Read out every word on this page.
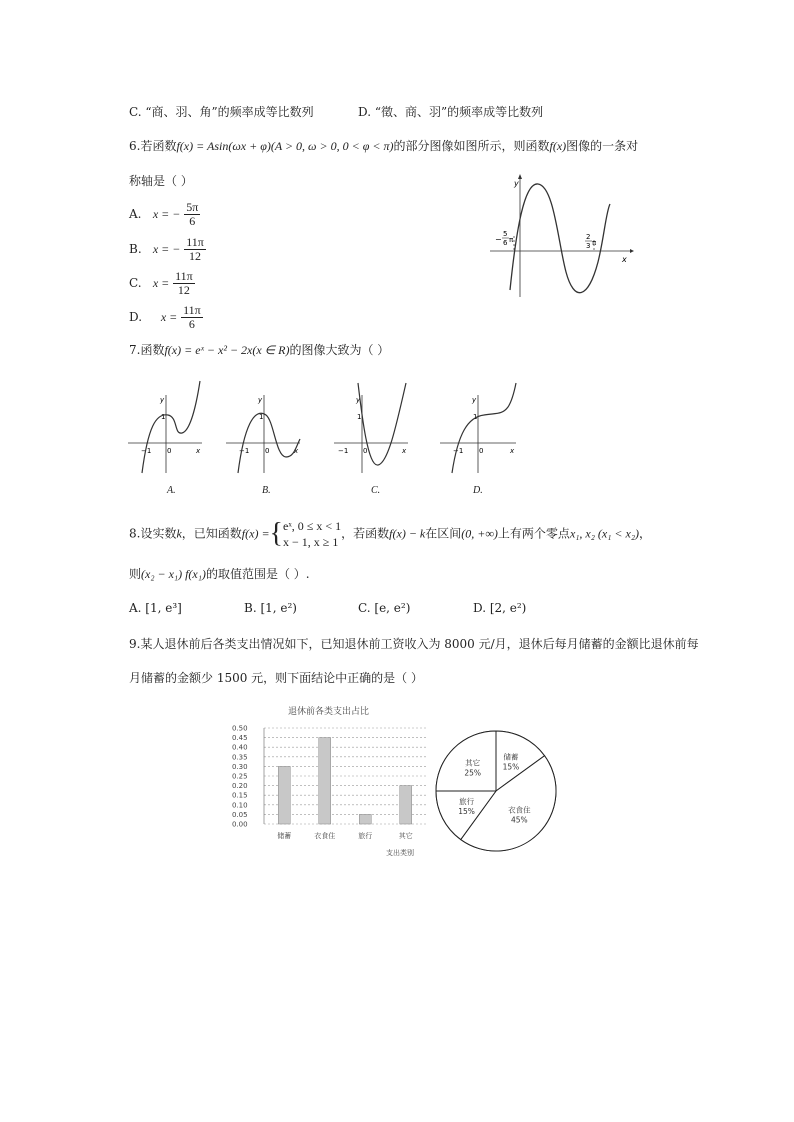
C. “商、羽、角”的频率成等比数列	D. “徵、商、羽”的频率成等比数列
6.若函数f(x) = Asin(ωx + φ)(A > 0, ω > 0, 0 < φ < π)的部分图像如图所示，则函数f(x)图像的一条对
称轴是（ ）
A. x = − $\frac{5\pi}{6}$
B. x = − $\frac{11\pi}{12}$
C. $x = \frac{11\pi}{12}$
D. $x = \frac{11\pi}{6}$
y
x
−
5
6 π	2
3 π
7.函数f(x) = eˣ − x² − 2x(x ∈ R)的图像大致为（ ）
y
x
1
−1 0
y
x
1
−1 0
y
x
1
−1 0
y
x
1
−1 0
A.	B.	C.	D.
8.设实数k，已知函数f(x) ={ eˣ, 0 ≤ x < 1
x − 1, x ≥ 1
，若函数f(x) − k在区间(0, +∞)上有两个零点x₁, x₂ (x₁ < x₂)，
则(x₂ − x₁) f(x₁)的取值范围是（ ）.
A. [1, e³]	B. [1, e²)	C. [e, e²)	D. [2, e²)
9.某人退休前后各类支出情况如下，已知退休前工资收入为 8000 元/月，退休后每月储蓄的金额比退休前每
月储蓄的金额少 1500 元，则下面结论中正确的是（ ）
退休前各类支出占比
0.50
0.45
0.40
0.35
0.30
0.25
0.20
0.15
0.10
0.05
0.00
储蓄	衣食住	旅行	其它
支出类别
储蓄
15%
衣食住
45%
旅行
15%
其它
25%
